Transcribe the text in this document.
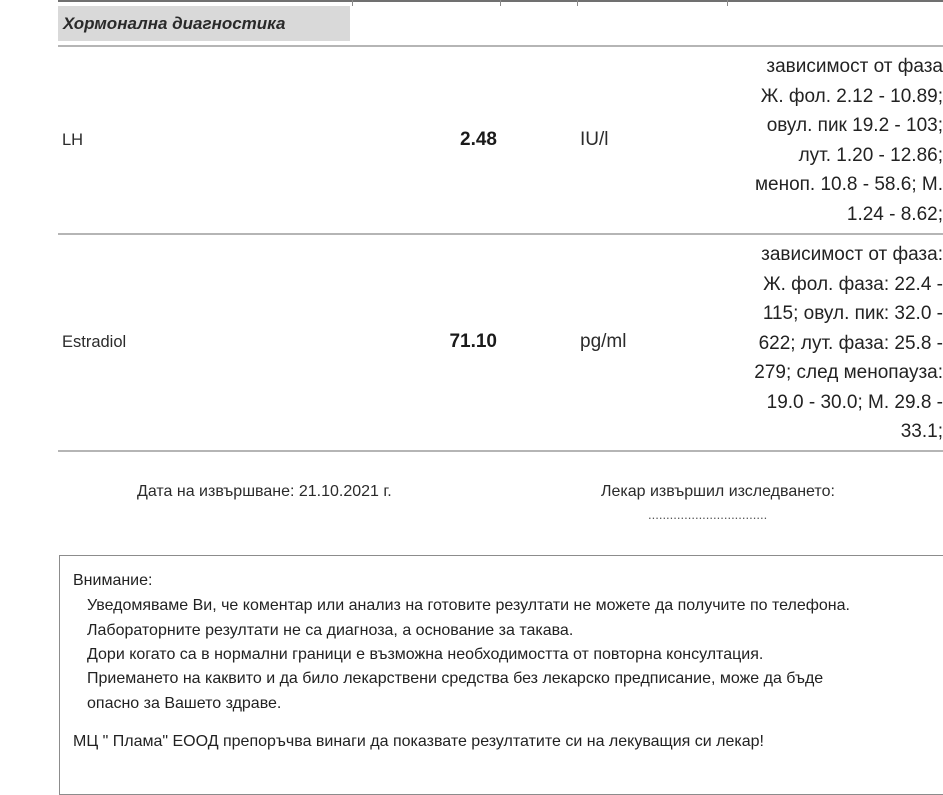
Хормонална диагностика
LH	2.48	IU/l
зависимост от фаза
Ж. фол. 2.12 - 10.89;
овул. пик 19.2 - 103;
лут. 1.20 - 12.86;
меноп. 10.8 - 58.6; М.
1.24 - 8.62;
Estradiol	71.10	pg/ml
зависимост от фаза:
Ж. фол. фаза: 22.4 -
115; овул. пик: 32.0 -
622; лут. фаза: 25.8 -
279; след менопауза:
19.0 - 30.0; М. 29.8 -
33.1;
Дата на извършване: 21.10.2021 г.	Лекар извършил изследването:
.................................
Внимание:
Уведомяваме Ви, че коментар или анализ на готовите резултати не можете да получите по телефона.
Лабораторните резултати не са диагноза, а основание за такава.
Дори когато са в нормални граници е възможна необходимостта от повторна консултация.
Приемането на каквито и да било лекарствени средства без лекарско предписание, може да бъде
опасно за Вашето здраве.
МЦ " Плама" ЕООД препоръчва винаги да показвате резултатите си на лекуващия си лекар!
